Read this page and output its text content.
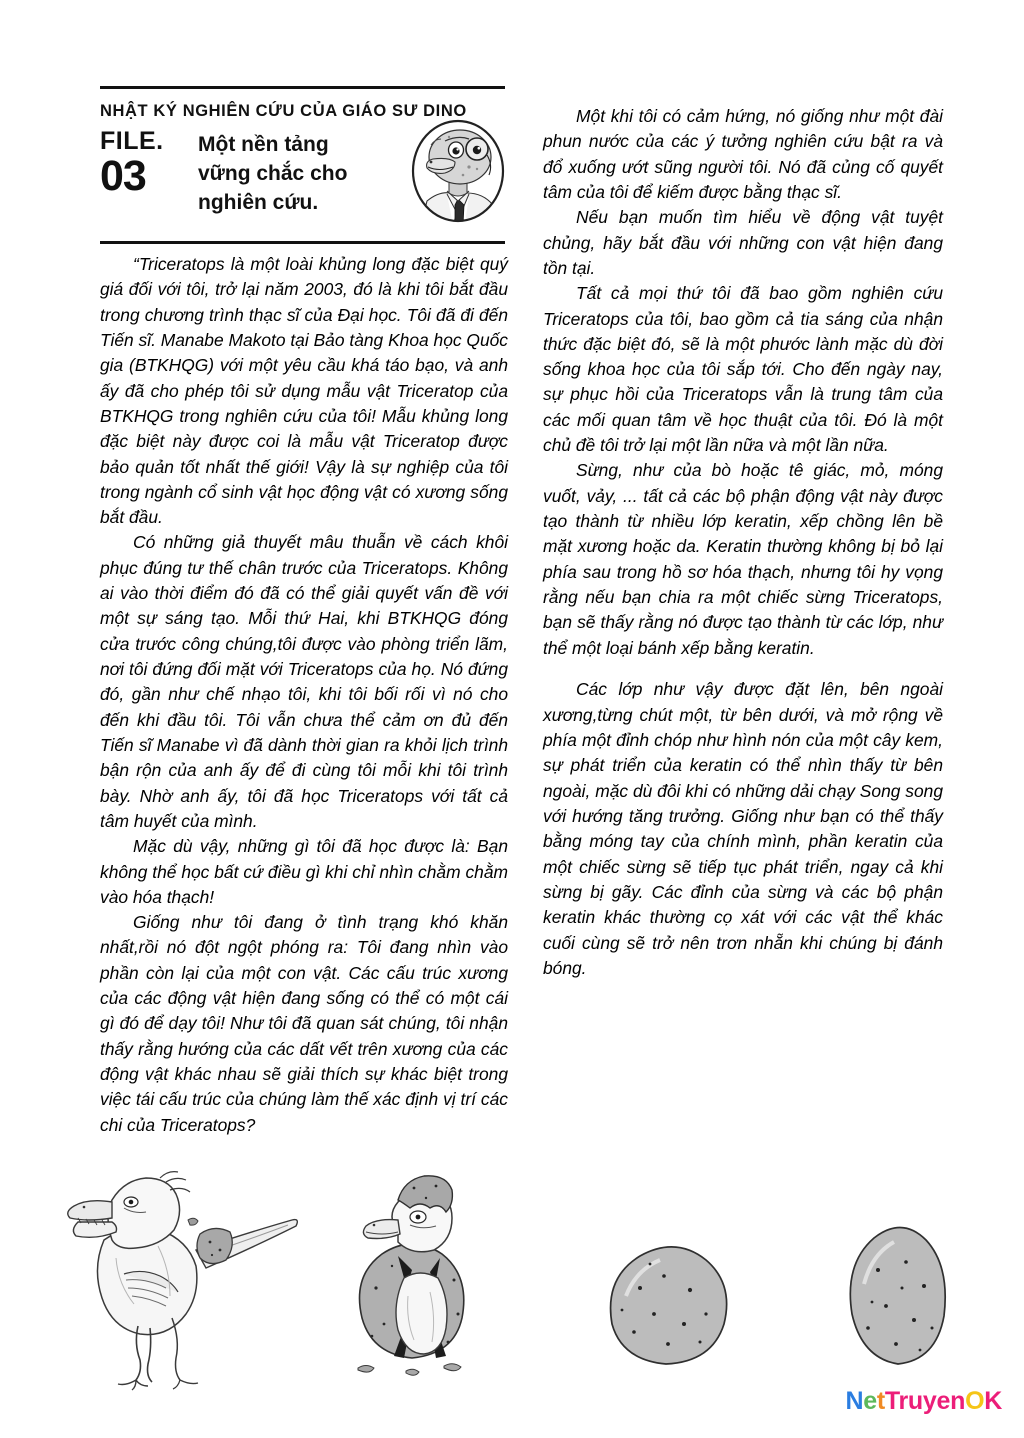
NHẬT KÝ NGHIÊN CỨU CỦA GIÁO SƯ DINO
FILE.
03
Một nền tảng
vững chắc cho
nghiên cứu.

“Triceratops là một loài khủng long đặc biệt quý giá đối với tôi, trở lại năm 2003, đó là khi tôi bắt đầu trong chương trình thạc sĩ của Đại học. Tôi đã đi đến Tiến sĩ. Manabe Makoto tại Bảo tàng Khoa học Quốc gia (BTKHQG) với một yêu cầu khá táo bạo, và anh ấy đã cho phép tôi sử dụng mẫu vật Triceratop của BTKHQG trong nghiên cứu của tôi! Mẫu khủng long đặc biệt này được coi là mẫu vật Triceratop được bảo quản tốt nhất thế giới! Vậy là sự nghiệp của tôi trong ngành cổ sinh vật học động vật có xương sống bắt đầu.

Có những giả thuyết mâu thuẫn về cách khôi phục đúng tư thế chân trước của Triceratops. Không ai vào thời điểm đó đã có thể giải quyết vấn đề với một sự sáng tạo. Mỗi thứ Hai, khi BTKHQG đóng cửa trước công chúng,tôi được vào phòng triển lãm, nơi tôi đứng đối mặt với Triceratops của họ. Nó đứng đó, gần như chế nhạo tôi, khi tôi bối rối vì nó cho đến khi đầu tôi. Tôi vẫn chưa thể cảm ơn đủ đến Tiến sĩ Manabe vì đã dành thời gian ra khỏi lịch trình bận rộn của anh ấy để đi cùng tôi mỗi khi tôi trình bày. Nhờ anh ấy, tôi đã học Triceratops với tất cả tâm huyết của mình.

Mặc dù vậy, những gì tôi đã học được là: Bạn không thể học bất cứ điều gì khi chỉ nhìn chằm chằm vào hóa thạch!

Giống như tôi đang ở tình trạng khó khăn nhất,rồi nó đột ngột phóng ra: Tôi đang nhìn vào phần còn lại của một con vật. Các cấu trúc xương của các động vật hiện đang sống có thể có một cái gì đó để dạy tôi! Như tôi đã quan sát chúng, tôi nhận thấy rằng hướng của các dất vết trên xương của các động vật khác nhau sẽ giải thích sự khác biệt trong việc tái cấu trúc của chúng làm thế xác định vị trí các chi của Triceratops?

Một khi tôi có cảm hứng, nó giống như một đài phun nước của các ý tưởng nghiên cứu bật ra và đổ xuống ướt sũng người tôi. Nó đã củng cố quyết tâm của tôi để kiếm được bằng thạc sĩ.

Nếu bạn muốn tìm hiểu về động vật tuyệt chủng, hãy bắt đầu với những con vật hiện đang tồn tại.

Tất cả mọi thứ tôi đã bao gồm nghiên cứu Triceratops của tôi, bao gồm cả tia sáng của nhận thức đặc biệt đó, sẽ là một phước lành mặc dù đời sống khoa học của tôi sắp tới. Cho đến ngày nay, sự phục hồi của Triceratops vẫn là trung tâm của các mối quan tâm về học thuật của tôi. Đó là một chủ đề tôi trở lại một lần nữa và một lần nữa.

Sừng, như của bò hoặc tê giác, mỏ, móng vuốt, vảy, ... tất cả các bộ phận động vật này được tạo thành từ nhiều lớp keratin, xếp chồng lên bề mặt xương hoặc da. Keratin thường không bị bỏ lại phía sau trong hồ sơ hóa thạch, nhưng tôi hy vọng rằng nếu bạn chia ra một chiếc sừng Triceratops, bạn sẽ thấy rằng nó được tạo thành từ các lớp, như thể một loại bánh xếp bằng keratin.

Các lớp như vậy được đặt lên, bên ngoài xương,từng chút một, từ bên dưới, và mở rộng về phía một đỉnh chóp như hình nón của một cây kem, sự phát triển của keratin có thể nhìn thấy từ bên ngoài, mặc dù đôi khi có những dải chạy Song song với hướng tăng trưởng. Giống như bạn có thể thấy bằng móng tay của chính mình, phần keratin của một chiếc sừng sẽ tiếp tục phát triển, ngay cả khi sừng bị gãy. Các đỉnh của sừng và các bộ phận keratin khác thường cọ xát với các vật thể khác cuối cùng sẽ trở nên trơn nhẵn khi chúng bị đánh bóng.

NetTruyenOK
